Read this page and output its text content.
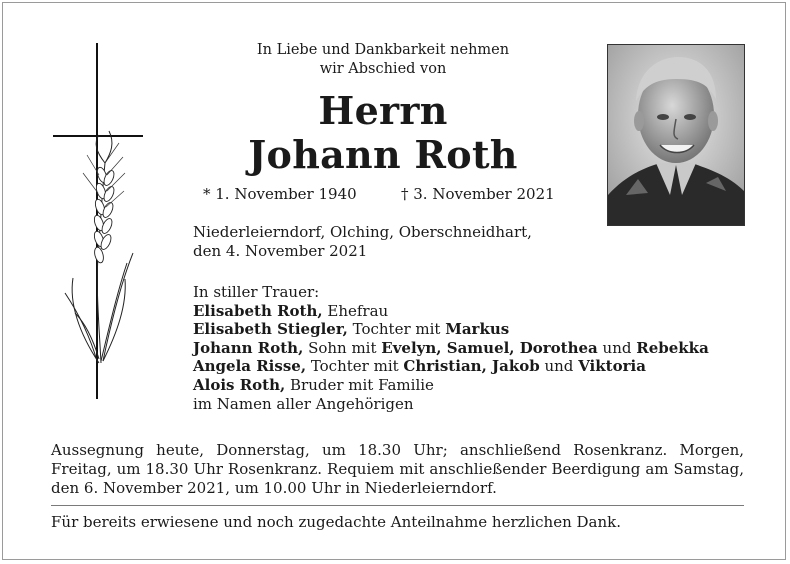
In Liebe und Dankbarkeit nehmen
wir Abschied von
Herrn
Johann Roth
* 1. November 1940	† 3. November 2021
Niederleierndorf, Olching, Oberschneidhart,
den 4. November 2021
In stiller Trauer:
Elisabeth Roth, Ehefrau
Elisabeth Stiegler, Tochter mit Markus
Johann Roth, Sohn mit Evelyn, Samuel, Dorothea und Rebekka
Angela Risse, Tochter mit Christian, Jakob und Viktoria
Alois Roth, Bruder mit Familie
im Namen aller Angehörigen
Aussegnung heute, Donnerstag, um 18.30 Uhr; anschließend Rosenkranz. Morgen, Freitag, um 18.30 Uhr Rosenkranz. Requiem mit anschließender Beerdigung am Samstag, den 6. November 2021, um 10.00 Uhr in Niederleierndorf.
Für bereits erwiesene und noch zugedachte Anteilnahme herzlichen Dank.
